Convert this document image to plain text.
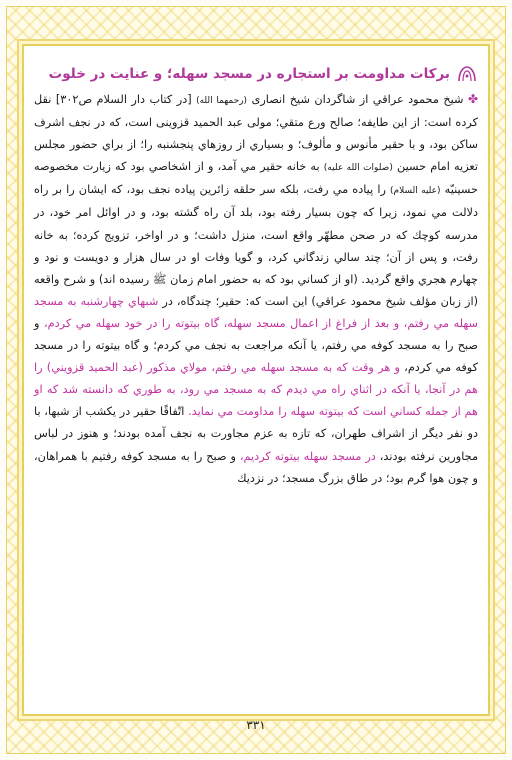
برکات مداومت بر استجاره در مسجد سهله؛ و عنایت در خلوت
✤ شيخ محمود عراقي از شاگردان شيخ انصاری (رحمهما الله) [در كتاب دار السلام ص۳۰۲] نقل كرده است: از اين طايفه؛ صالح ورع متقي؛ مولی عبد الحميد قزوينی است، كه در نجف اشرف ساكن بود، و با حقير مأنوس و مألوف؛ و بسياري از روزهاي پنجشنبه را؛ از براي حضور مجلس تعزيه امام حسين (صلوات الله عليه) به خانه حقير مي آمد، و از اشخاصي بود كه زيارت مخصوصه حسينيّه (عليه السلام) را پياده مي رفت، بلكه سر حلقه زائرين پياده نجف بود، كه ايشان را بر راه دلالت مي نمود، زيرا كه چون بسيار رفته بود، بلد آن راه گشته بود، و در اوائل امر خود، در مدرسه كوچك كه در صحن مطهّر واقع است، منزل داشت؛ و در اواخر، تزويج كرده؛ به خانه رفت، و پس از آن؛ چند سالي زندگاني كرد، و گويا وفات او در سال هزار و دويست و نود و چهارم هجري واقع گرديد. (او از كساني بود كه به حضور امام زمان ﷺ رسيده اند) و شرح واقعه (از زبان مؤلف شيخ محمود عراقي) اين است كه: حقير؛ چندگاه، در شبهاي چهارشنبه به مسجد سهله مي رفتم، و بعد از فراغ از اعمال مسجد سهله، گاه بيتوته را در خود سهله مي كردم، و صبح را به مسجد كوفه مي رفتم، يا آنكه مراجعت به نجف مي كردم؛ و گاه بيتوته را در مسجد كوفه مي كردم، و هر وقت كه به مسجد سهله مي رفتم، مولاي مذكور (عبد الحميد قزويني) را هم در آنجا، يا آنكه در اثناي راه مي ديدم كه به مسجد مي رود، به طوري كه دانسته شد كه او هم از جمله كساني است كه بيتوته سهله را مداومت مي نمايد. اتّفاقًا حقير در يكشب از شبها، با دو نفر ديگر از اشراف طهران، كه تازه به عزم مجاورت به نجف آمده بودند؛ و هنوز در لباس مجاورين نرفته بودند، در مسجد سهله بيتوته كرديم، و صبح را به مسجد كوفه رفتيم با همراهان، و چون هوا گرم بود؛ در طاق بزرگ مسجد؛ در نزديك
۳۳۱
